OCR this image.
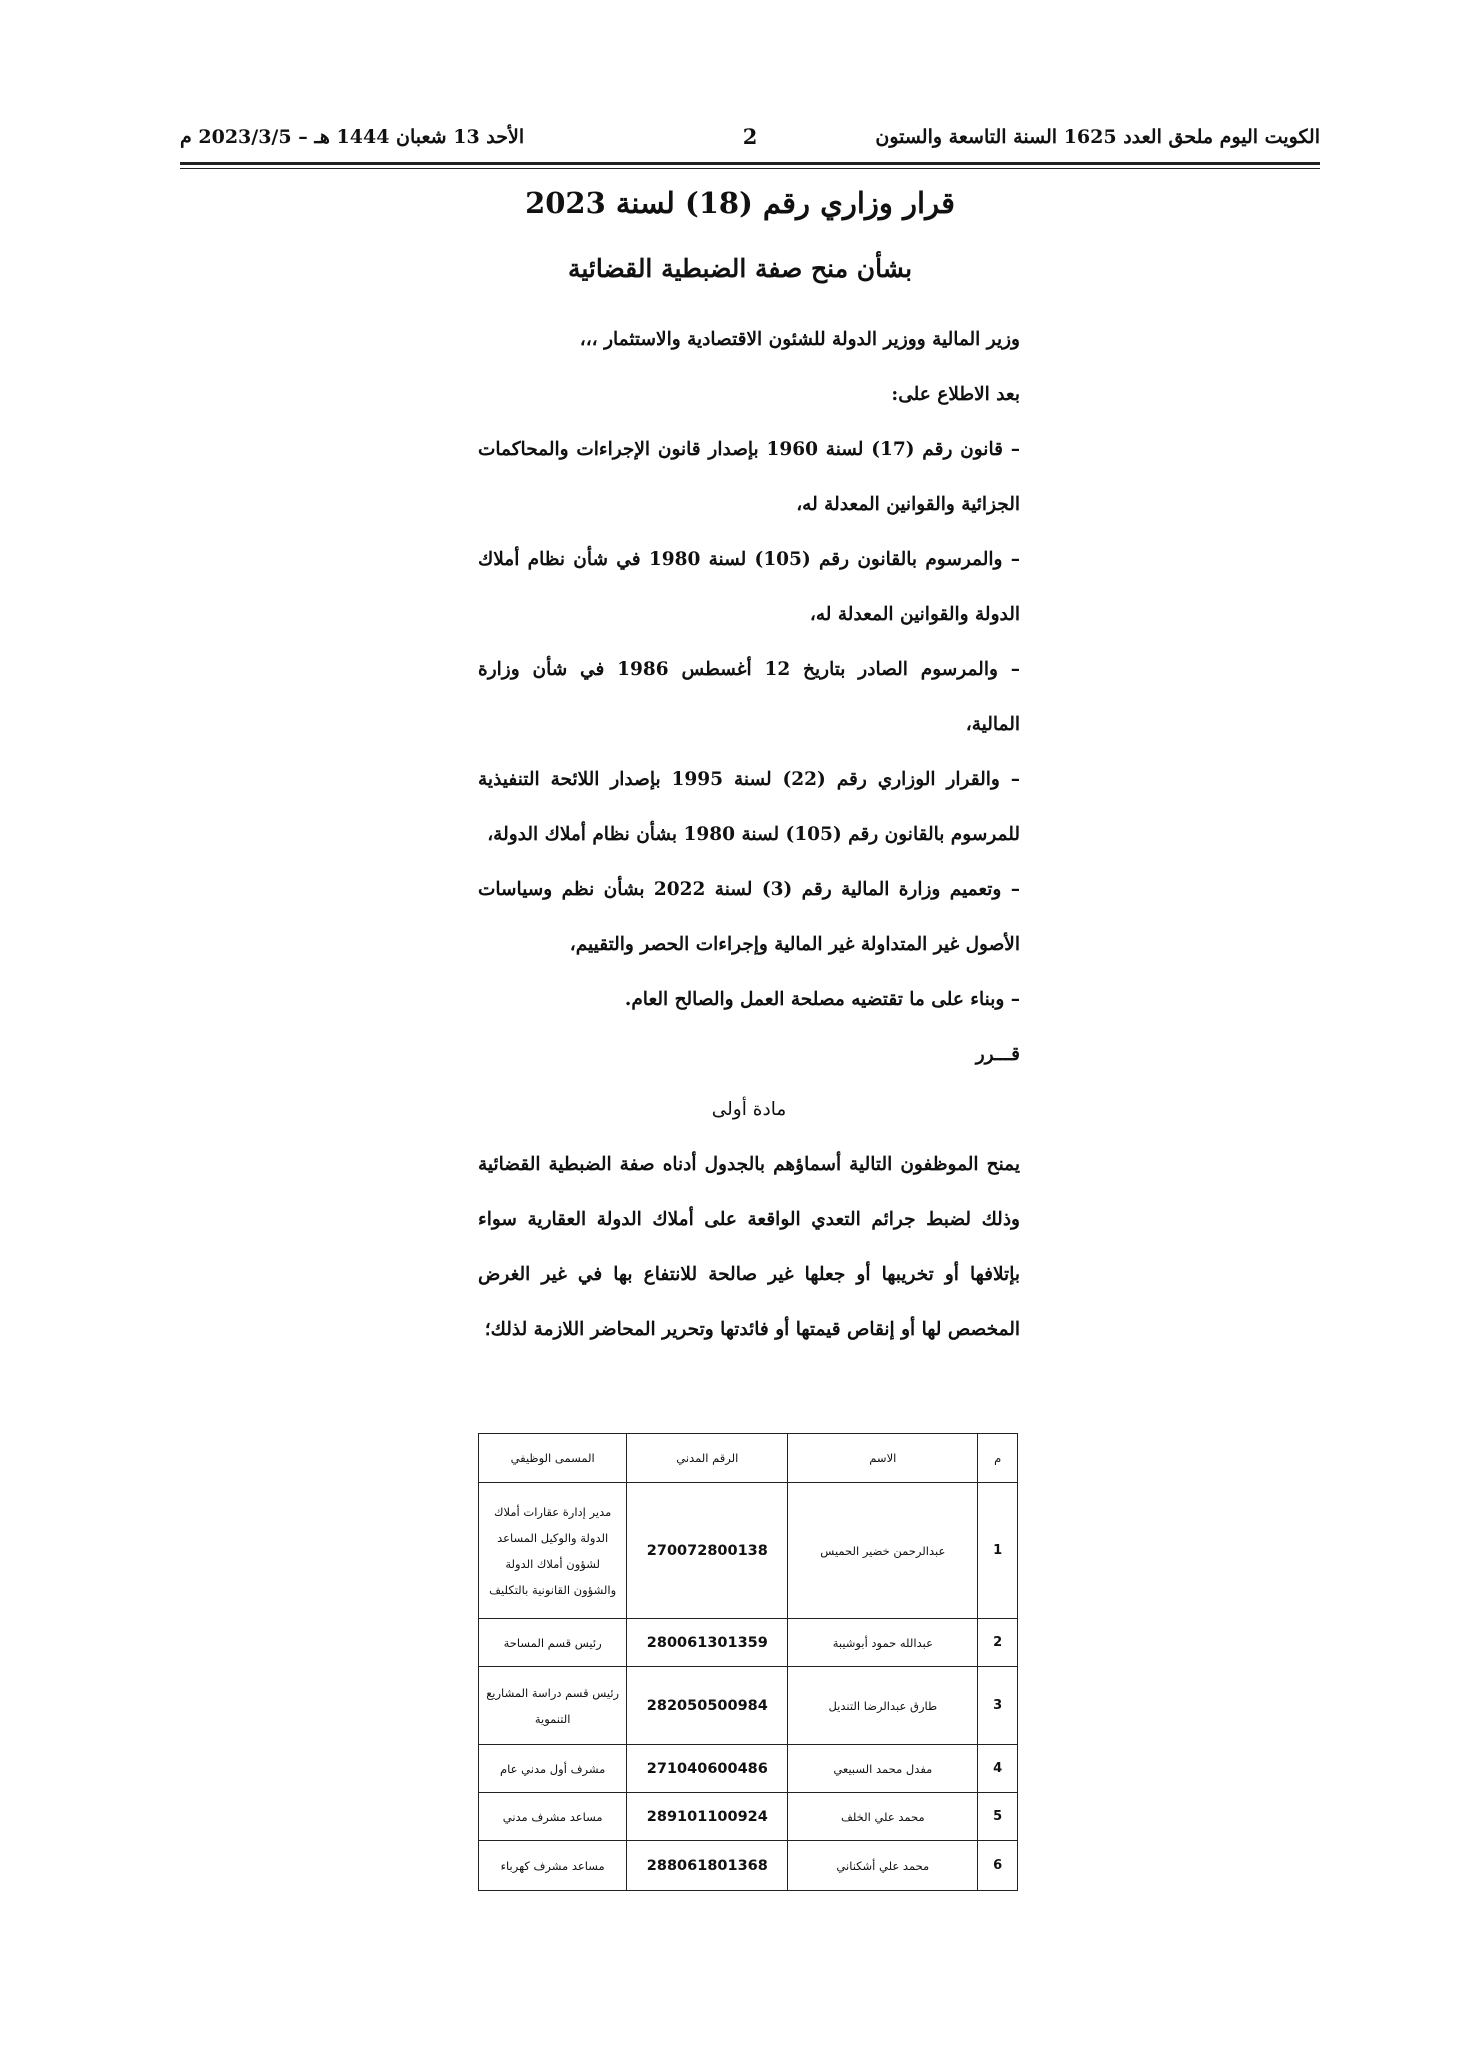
الكويت اليوم ملحق العدد 1625 السنة التاسعة والستون
2
الأحد 13 شعبان 1444 هـ – 2023/3/5 م
قرار وزاري رقم (18) لسنة 2023
بشأن منح صفة الضبطية القضائية

وزير المالية ووزير الدولة للشئون الاقتصادية والاستثمار ،،،

بعد الاطلاع على:

– قانون رقم (17) لسنة 1960 بإصدار قانون الإجراءات والمحاكمات الجزائية والقوانين المعدلة له،

– والمرسوم بالقانون رقم (105) لسنة 1980 في شأن نظام أملاك الدولة والقوانين المعدلة له،

– والمرسوم الصادر بتاريخ 12 أغسطس 1986 في شأن وزارة المالية،

– والقرار الوزاري رقم (22) لسنة 1995 بإصدار اللائحة التنفيذية للمرسوم بالقانون رقم (105) لسنة 1980 بشأن نظام أملاك الدولة،

– وتعميم وزارة المالية رقم (3) لسنة 2022 بشأن نظم وسياسات الأصول غير المتداولة غير المالية وإجراءات الحصر والتقييم،

– وبناء على ما تقتضيه مصلحة العمل والصالح العام.

قـــرر

مادة أولى

يمنح الموظفون التالية أسماؤهم بالجدول أدناه صفة الضبطية القضائية وذلك لضبط جرائم التعدي الواقعة على أملاك الدولة العقارية سواء بإتلافها أو تخريبها أو جعلها غير صالحة للانتفاع بها في غير الغرض المخصص لها أو إنقاص قيمتها أو فائدتها وتحرير المحاضر اللازمة لذلك؛

م	الاسم	الرقم المدني	المسمى الوظيفي
1	عبدالرحمن خضير الحميس	270072800138	مدير إدارة عقارات أملاك الدولة والوكيل المساعد لشؤون أملاك الدولة والشؤون القانونية بالتكليف
2	عبدالله حمود أبوشيبة	280061301359	رئيس قسم المساحة
3	طارق عبدالرضا التنديل	282050500984	رئيس قسم دراسة المشاريع التنموية
4	مفدل محمد السبيعي	271040600486	مشرف أول مدني عام
5	محمد علي الخلف	289101100924	مساعد مشرف مدني
6	محمد علي أشكناني	288061801368	مساعد مشرف كهرباء
